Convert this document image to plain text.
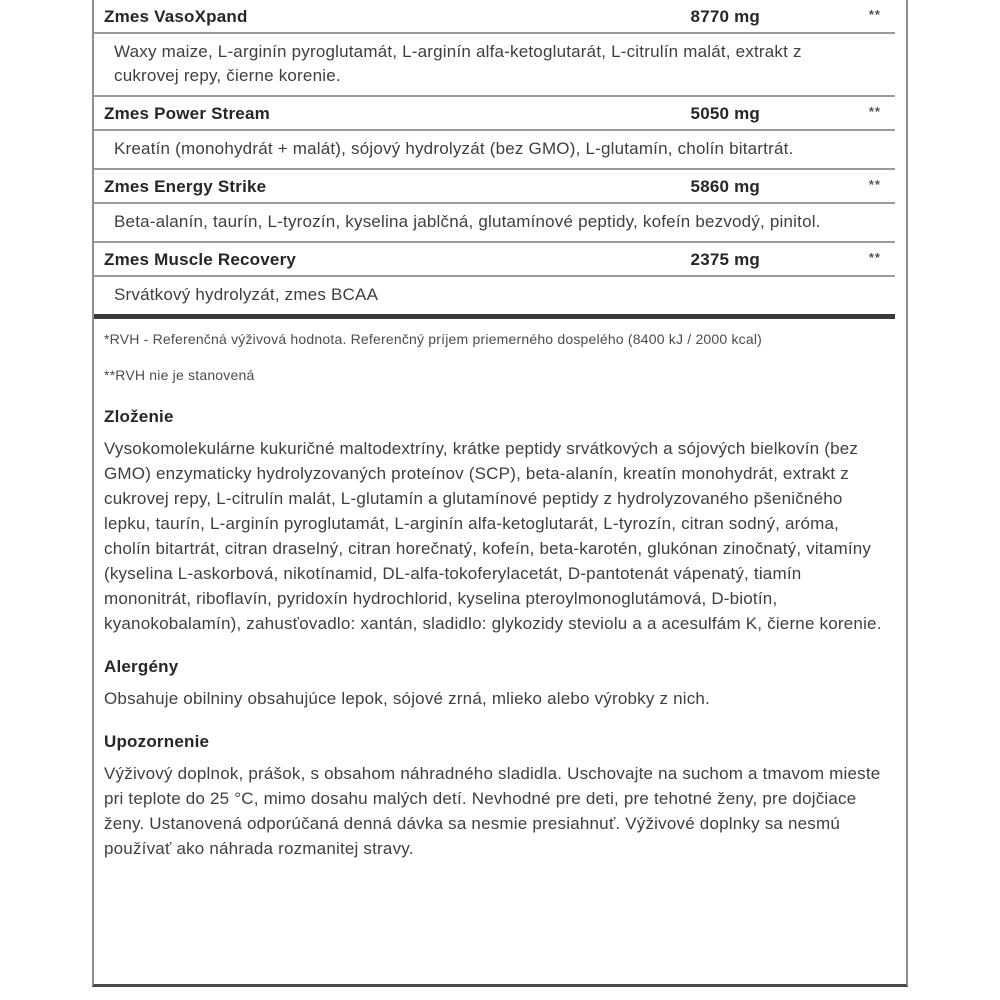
Zmes VasoXpand	8770 mg	**
Waxy maize, L-arginín pyroglutamát, L-arginín alfa-ketoglutarát, L-citrulín malát, extrakt z cukrovej repy, čierne korenie.
Zmes Power Stream	5050 mg	**
Kreatín (monohydrát + malát), sójový hydrolyzát (bez GMO), L-glutamín, cholín bitartrát.
Zmes Energy Strike	5860 mg	**
Beta-alanín, taurín, L-tyrozín, kyselina jablčná, glutamínové peptidy, kofeín bezvodý, pinitol.
Zmes Muscle Recovery	2375 mg	**
Srvátkový hydrolyzát, zmes BCAA
*RVH - Referenčná výživová hodnota. Referenčný príjem priemerného dospelého (8400 kJ / 2000 kcal)
**RVH nie je stanovená
Zloženie
Vysokomolekulárne kukuričné maltodextríny, krátke peptidy srvátkových a sójových bielkovín (bez GMO) enzymaticky hydrolyzovaných proteínov (SCP), beta-alanín, kreatín monohydrát, extrakt z cukrovej repy, L-citrulín malát, L-glutamín a glutamínové peptidy z hydrolyzovaného pšeničného lepku, taurín, L-arginín pyroglutamát, L-arginín alfa-ketoglutarát, L-tyrozín, citran sodný, aróma, cholín bitartrát, citran draselný, citran horečnatý, kofeín, beta-karotén, glukónan zinočnatý, vitamíny (kyselina L-askorbová, nikotínamid, DL-alfa-tokoferylacetát, D-pantotenát vápenatý, tiamín mononitrát, riboflavín, pyridoxín hydrochlorid, kyselina pteroylmonoglutámová, D-biotín, kyanokobalamín), zahusťovadlo: xantán, sladidlo: glykozidy steviolu a a acesulfám K, čierne korenie.
Alergény
Obsahuje obilniny obsahujúce lepok, sójové zrná, mlieko alebo výrobky z nich.
Upozornenie
Výživový doplnok, prášok, s obsahom náhradného sladidla. Uschovajte na suchom a tmavom mieste pri teplote do 25 °C, mimo dosahu malých detí. Nevhodné pre deti, pre tehotné ženy, pre dojčiace ženy. Ustanovená odporúčaná denná dávka sa nesmie presiahnuť. Výživové doplnky sa nesmú používať ako náhrada rozmanitej stravy.
